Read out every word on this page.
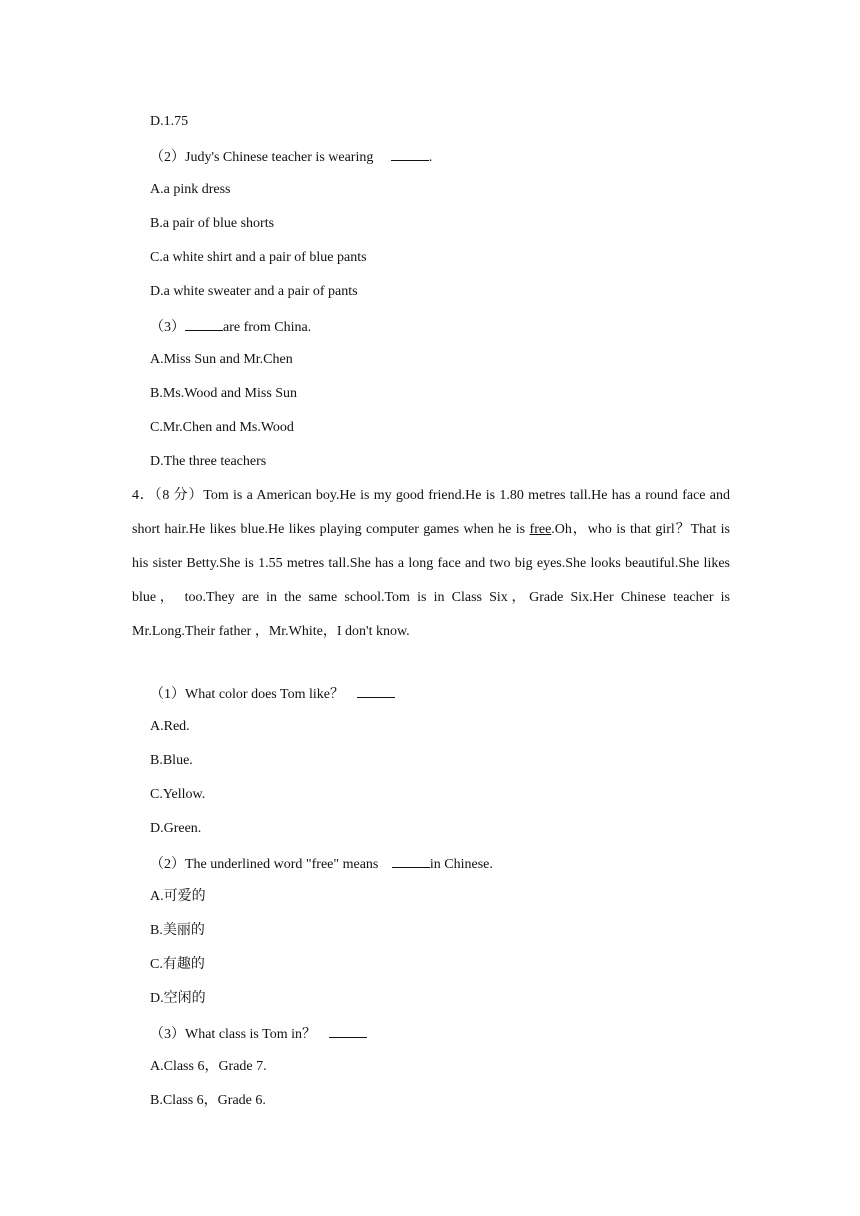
D.1.75
（2）Judy's Chinese teacher is wearing	.
A.a pink dress
B.a pair of blue shorts
C.a white shirt and a pair of blue pants
D.a white sweater and a pair of pants
（3）	are from China.
A.Miss Sun and Mr.Chen
B.Ms.Wood and Miss Sun
C.Mr.Chen and Ms.Wood
D.The three teachers
4．（8 分）Tom is a American boy.He is my good friend.He is 1.80 metres tall.He has a round face and short hair.He likes blue.He likes playing computer games when he is free.Oh，who is that girl？That is his sister Betty.She is 1.55 metres tall.She has a long face and two big eyes.She looks beautiful.She likes blue， too.They are in the same school.Tom is in Class Six，Grade Six.Her Chinese teacher is Mr.Long.Their father ，Mr.White，I don't know.
（1）What color does Tom like？
A.Red.
B.Blue.
C.Yellow.
D.Green.
（2）The underlined word "free" means	in Chinese.
A.可爱的
B.美丽的
C.有趣的
D.空闲的
（3）What class is Tom in？
A.Class 6，Grade 7.
B.Class 6，Grade 6.
